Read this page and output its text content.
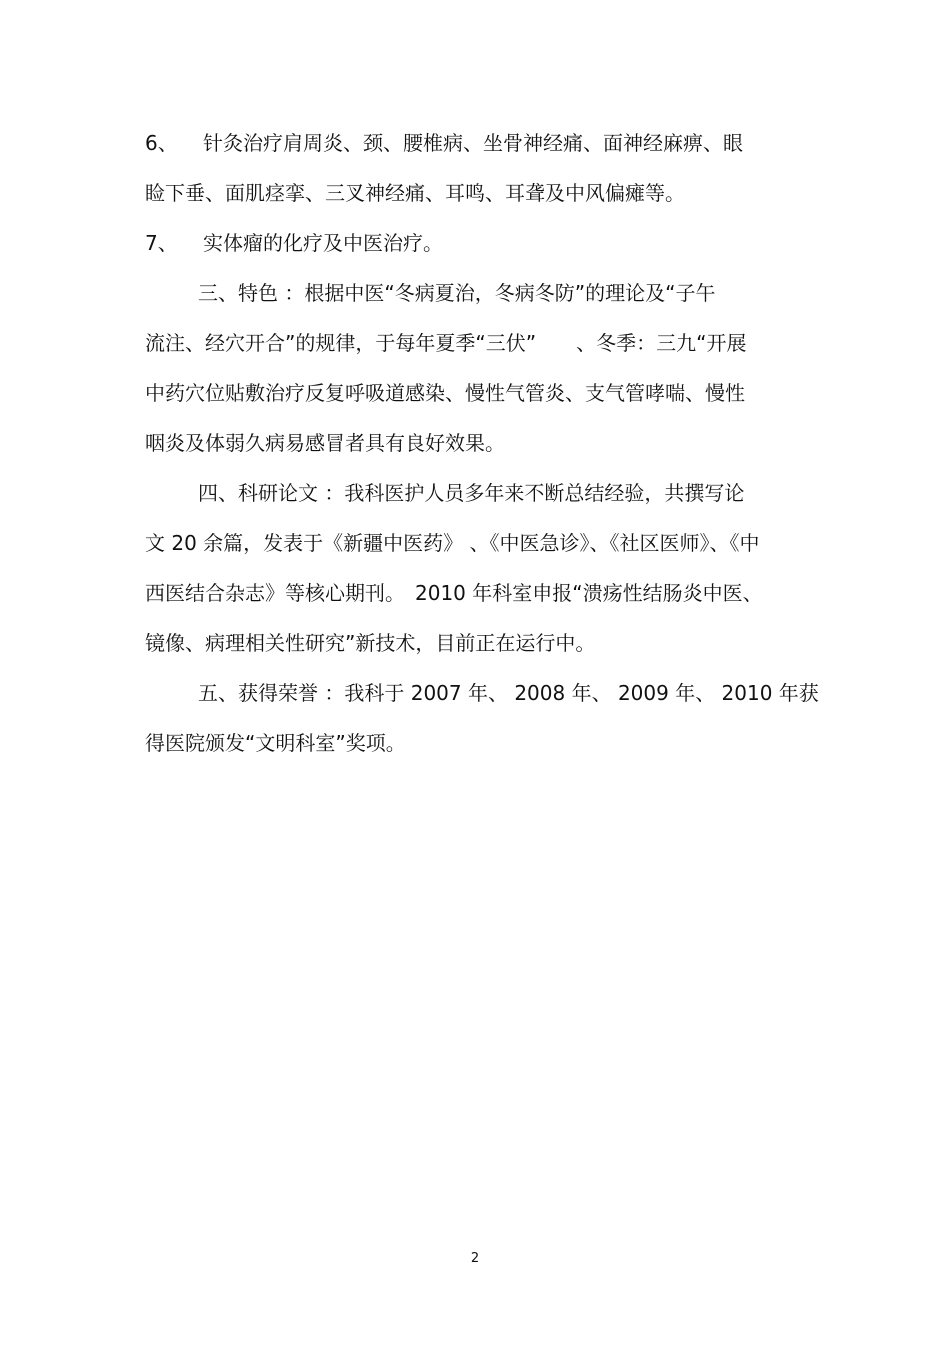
6、 针灸治疗肩周炎、颈、腰椎病、坐骨神经痛、面神经麻痹、眼
睑下垂、面肌痉挛、三叉神经痛、耳鸣、耳聋及中风偏瘫等。
7、 实体瘤的化疗及中医治疗。
三、特色 ：根据中医“冬病夏治，冬病冬防”的理论及“子午
流注、经穴开合”的规律，于每年夏季“三伏”　　、冬季：三九“开展
中药穴位贴敷治疗反复呼吸道感染、慢性气管炎、支气管哮喘、慢性
咽炎及体弱久病易感冒者具有良好效果。
四、科研论文 ：我科医护人员多年来不断总结经验，共撰写论
文 20 余篇，发表于《新疆中医药》 、《中医急诊》、《社区医师》、《中
西医结合杂志》等核心期刊。　2010 年科室申报“溃疡性结肠炎中医、
镜像、病理相关性研究”新技术，目前正在运行中。
五、获得荣誉 ：我科于 2007 年、 2008 年、 2009 年、 2010 年获
得医院颁发“文明科室”奖项。
2
